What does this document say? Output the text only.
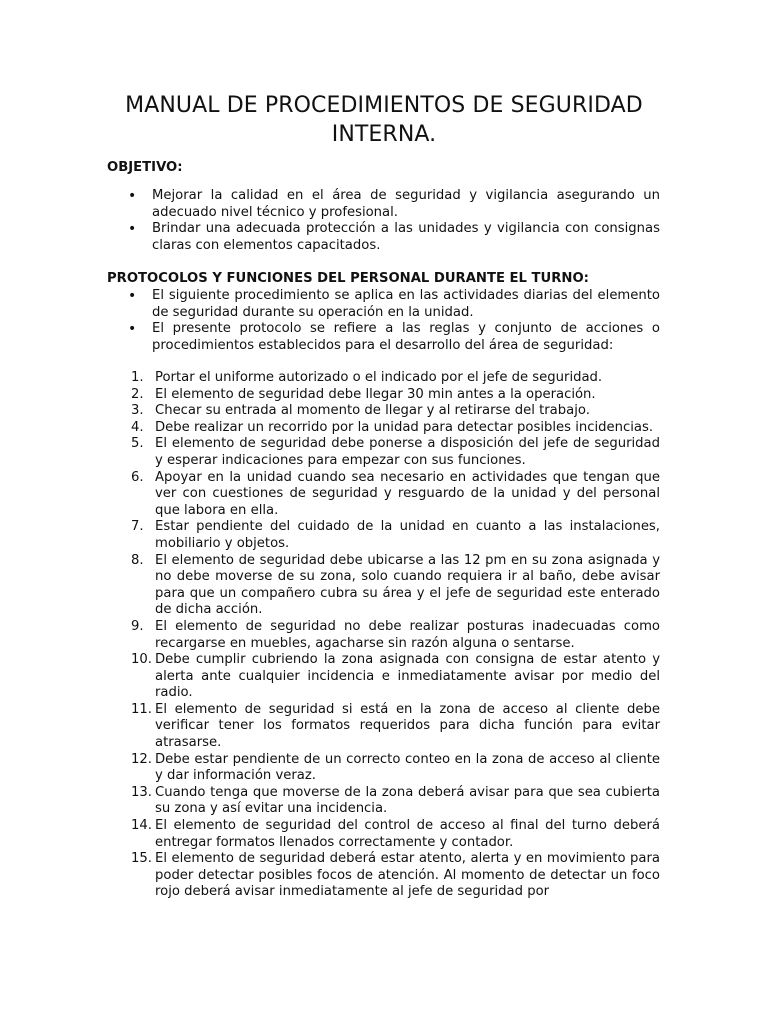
MANUAL DE PROCEDIMIENTOS DE SEGURIDAD INTERNA.
OBJETIVO:
• Mejorar la calidad en el área de seguridad y vigilancia asegurando un adecuado nivel técnico y profesional.
• Brindar una adecuada protección a las unidades y vigilancia con consignas claras con elementos capacitados.
PROTOCOLOS Y FUNCIONES DEL PERSONAL DURANTE EL TURNO:
• El siguiente procedimiento se aplica en las actividades diarias del elemento de seguridad durante su operación en la unidad.
• El presente protocolo se refiere a las reglas y conjunto de acciones o procedimientos establecidos para el desarrollo del área de seguridad:
1. Portar el uniforme autorizado o el indicado por el jefe de seguridad.
2. El elemento de seguridad debe llegar 30 min antes a la operación.
3. Checar su entrada al momento de llegar y al retirarse del trabajo.
4. Debe realizar un recorrido por la unidad para detectar posibles incidencias.
5. El elemento de seguridad debe ponerse a disposición del jefe de seguridad y esperar indicaciones para empezar con sus funciones.
6. Apoyar en la unidad cuando sea necesario en actividades que tengan que ver con cuestiones de seguridad y resguardo de la unidad y del personal que labora en ella.
7. Estar pendiente del cuidado de la unidad en cuanto a las instalaciones, mobiliario y objetos.
8. El elemento de seguridad debe ubicarse a las 12 pm en su zona asignada y no debe moverse de su zona, solo cuando requiera ir al baño, debe avisar para que un compañero cubra su área y el jefe de seguridad este enterado de dicha acción.
9. El elemento de seguridad no debe realizar posturas inadecuadas como recargarse en muebles, agacharse sin razón alguna o sentarse.
10. Debe cumplir cubriendo la zona asignada con consigna de estar atento y alerta ante cualquier incidencia e inmediatamente avisar por medio del radio.
11. El elemento de seguridad si está en la zona de acceso al cliente debe verificar tener los formatos requeridos para dicha función para evitar atrasarse.
12. Debe estar pendiente de un correcto conteo en la zona de acceso al cliente y dar información veraz.
13. Cuando tenga que moverse de la zona deberá avisar para que sea cubierta su zona y así evitar una incidencia.
14. El elemento de seguridad del control de acceso al final del turno deberá entregar formatos llenados correctamente y contador.
15. El elemento de seguridad deberá estar atento, alerta y en movimiento para poder detectar posibles focos de atención. Al momento de detectar un foco rojo deberá avisar inmediatamente al jefe de seguridad por
